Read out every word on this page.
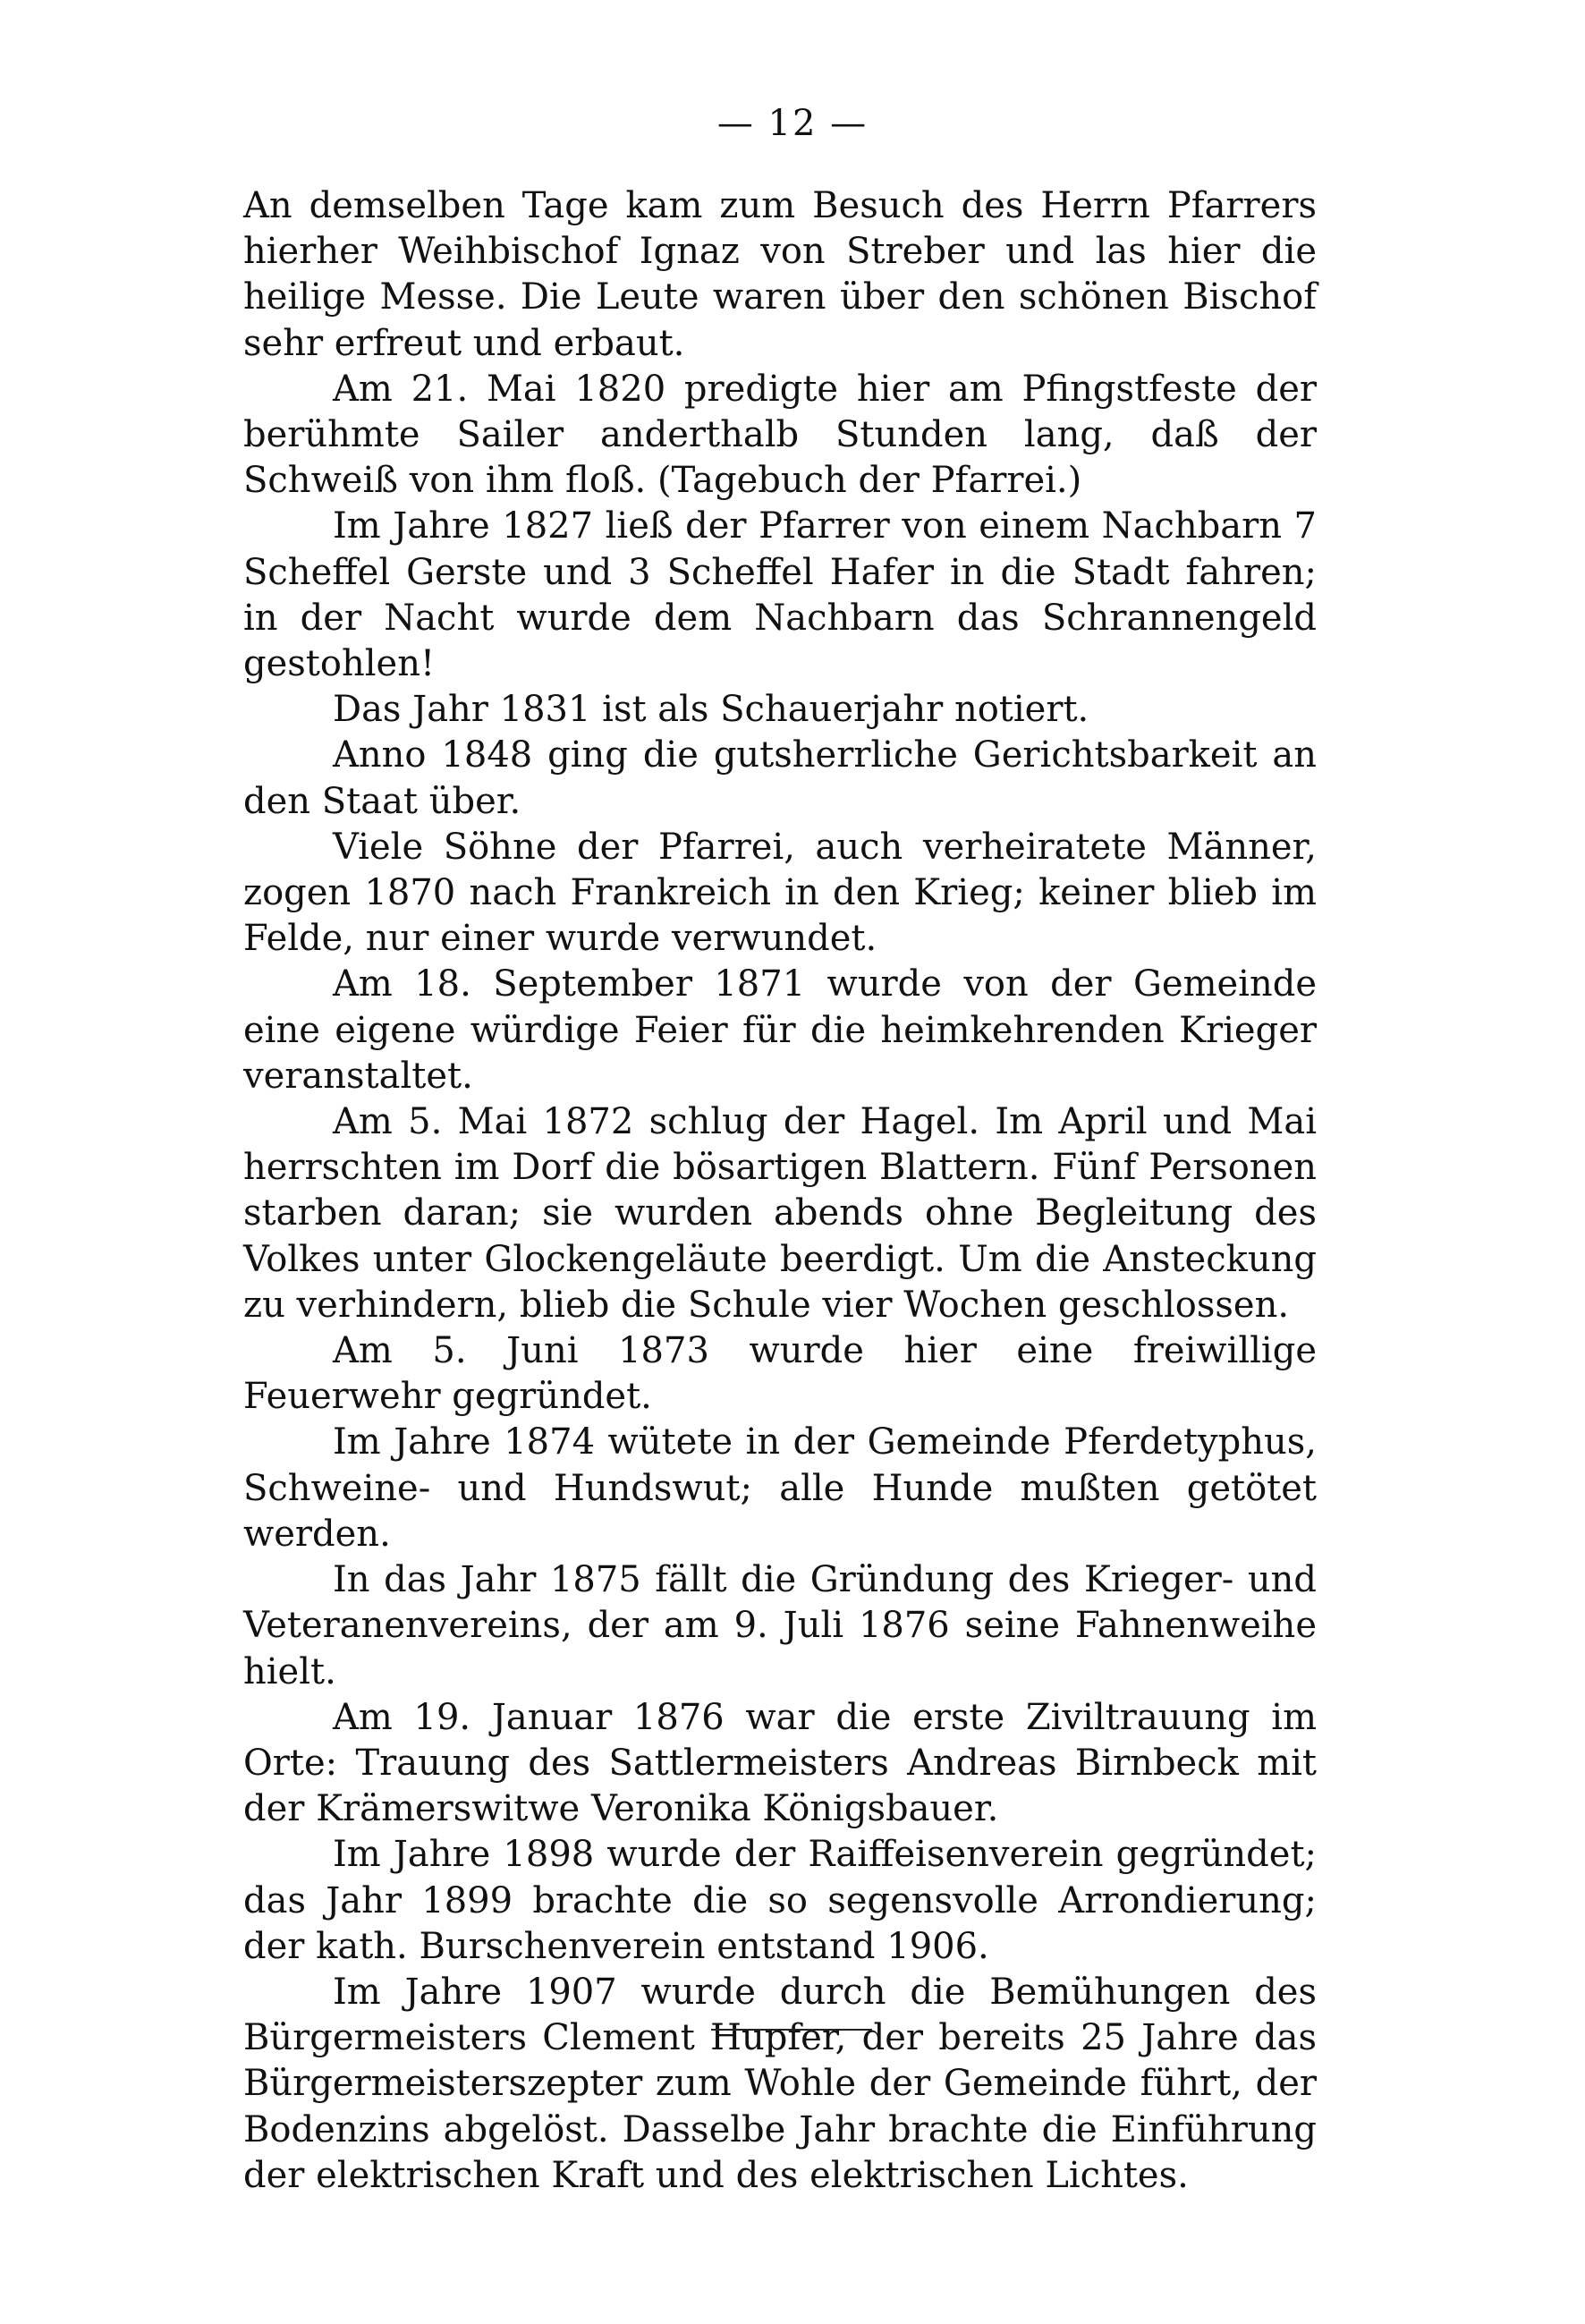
— 12 —

An demselben Tage kam zum Besuch des Herrn Pfarrers hierher Weihbischof Ignaz von Streber und las hier die heilige Messe. Die Leute waren über den schönen Bischof sehr erfreut und erbaut.

Am 21. Mai 1820 predigte hier am Pfingstfeste der berühmte Sailer anderthalb Stunden lang, daß der Schweiß von ihm floß. (Tagebuch der Pfarrei.)

Im Jahre 1827 ließ der Pfarrer von einem Nachbarn 7 Scheffel Gerste und 3 Scheffel Hafer in die Stadt fahren; in der Nacht wurde dem Nachbarn das Schrannengeld gestohlen!

Das Jahr 1831 ist als Schauerjahr notiert.

Anno 1848 ging die gutsherrliche Gerichtsbarkeit an den Staat über.

Viele Söhne der Pfarrei, auch verheiratete Männer, zogen 1870 nach Frankreich in den Krieg; keiner blieb im Felde, nur einer wurde verwundet.

Am 18. September 1871 wurde von der Gemeinde eine eigene würdige Feier für die heimkehrenden Krieger veranstaltet.

Am 5. Mai 1872 schlug der Hagel. Im April und Mai herrschten im Dorf die bösartigen Blattern. Fünf Personen starben daran; sie wurden abends ohne Begleitung des Volkes unter Glockengeläute beerdigt. Um die Ansteckung zu verhindern, blieb die Schule vier Wochen geschlossen.

Am 5. Juni 1873 wurde hier eine freiwillige Feuerwehr gegründet.

Im Jahre 1874 wütete in der Gemeinde Pferdetyphus, Schweine- und Hundswut; alle Hunde mußten getötet werden.

In das Jahr 1875 fällt die Gründung des Krieger- und Veteranenvereins, der am 9. Juli 1876 seine Fahnenweihe hielt.

Am 19. Januar 1876 war die erste Ziviltrauung im Orte: Trauung des Sattlermeisters Andreas Birnbeck mit der Krämerswitwe Veronika Königsbauer.

Im Jahre 1898 wurde der Raiffeisenverein gegründet; das Jahr 1899 brachte die so segensvolle Arrondierung; der kath. Burschenverein entstand 1906.

Im Jahre 1907 wurde durch die Bemühungen des Bürgermeisters Clement Hupfer, der bereits 25 Jahre das Bürgermeisterszepter zum Wohle der Gemeinde führt, der Bodenzins abgelöst. Dasselbe Jahr brachte die Einführung der elektrischen Kraft und des elektrischen Lichtes.
